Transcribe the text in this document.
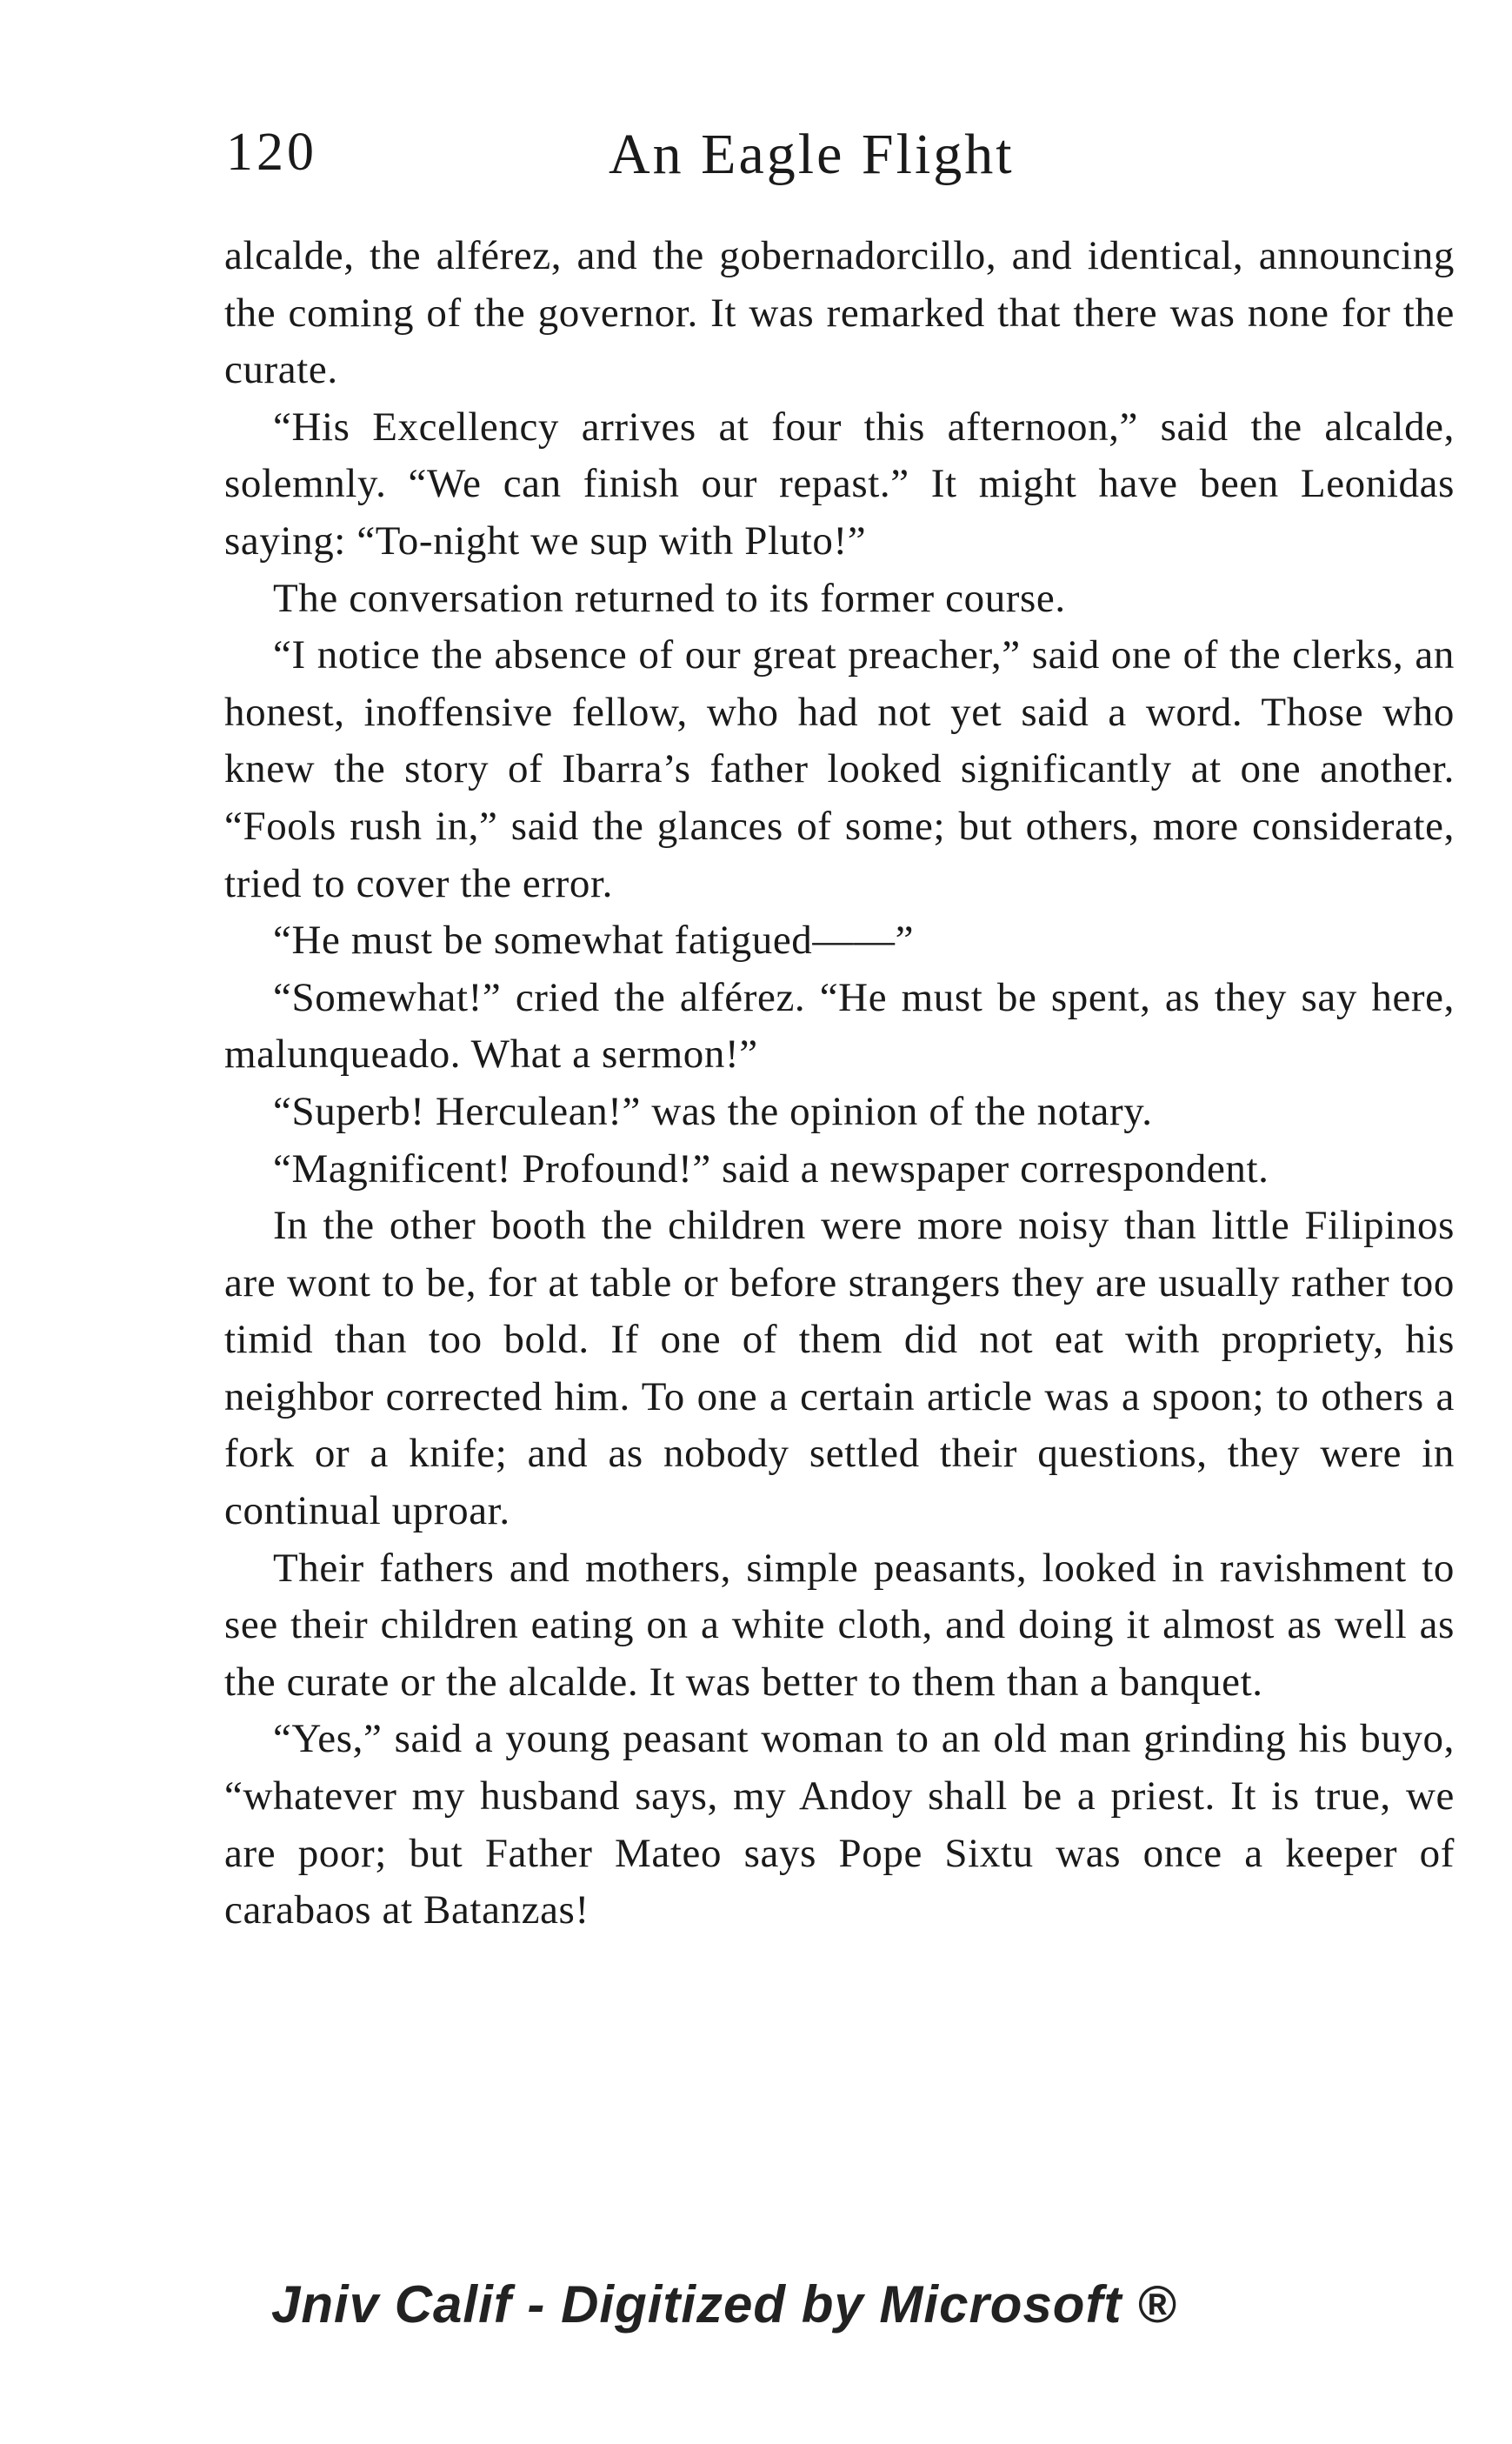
120	An Eagle Flight

alcalde, the alférez, and the gobernadorcillo, and identical, announcing the coming of the governor. It was remarked that there was none for the curate.

“His Excellency arrives at four this afternoon,” said the alcalde, solemnly. “We can finish our repast.” It might have been Leonidas saying: “To-night we sup with Pluto!”

The conversation returned to its former course.

“I notice the absence of our great preacher,” said one of the clerks, an honest, inoffensive fellow, who had not yet said a word. Those who knew the story of Ibarra’s father looked significantly at one another. “Fools rush in,” said the glances of some; but others, more considerate, tried to cover the error.

“He must be somewhat fatigued——”

“Somewhat!” cried the alférez. “He must be spent, as they say here, malunqueado. What a sermon!”

“Superb! Herculean!” was the opinion of the notary.

“Magnificent! Profound!” said a newspaper correspondent.

In the other booth the children were more noisy than little Filipinos are wont to be, for at table or before strangers they are usually rather too timid than too bold. If one of them did not eat with propriety, his neighbor corrected him. To one a certain article was a spoon; to others a fork or a knife; and as nobody settled their questions, they were in continual uproar.

Their fathers and mothers, simple peasants, looked in ravishment to see their children eating on a white cloth, and doing it almost as well as the curate or the alcalde. It was better to them than a banquet.

“Yes,” said a young peasant woman to an old man grinding his buyo, “whatever my husband says, my Andoy shall be a priest. It is true, we are poor; but Father Mateo says Pope Sixtu was once a keeper of carabaos at Batanzas!

Jniv Calif - Digitized by Microsoft ®
